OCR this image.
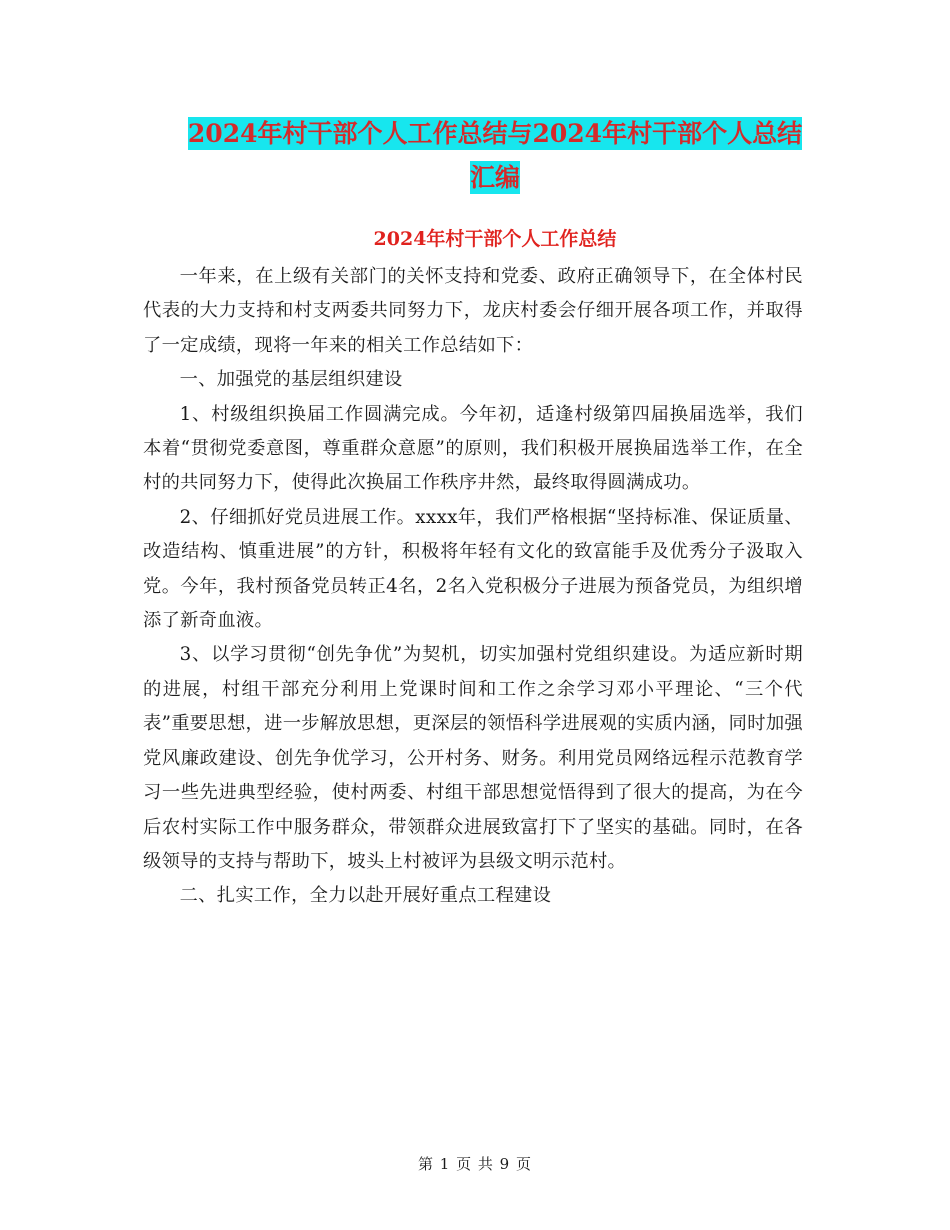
2024年村干部个人工作总结与2024年村干部个人总结
汇编
2024年村干部个人工作总结

一年来，在上级有关部门的关怀支持和党委、政府正确领导下，在全体村民代表的大力支持和村支两委共同努力下，龙庆村委会仔细开展各项工作，并取得了一定成绩，现将一年来的相关工作总结如下：

一、加强党的基层组织建设

1、村级组织换届工作圆满完成。今年初，适逢村级第四届换届选举，我们本着“贯彻党委意图，尊重群众意愿”的原则，我们积极开展换届选举工作，在全村的共同努力下，使得此次换届工作秩序井然，最终取得圆满成功。

2、仔细抓好党员进展工作。xxxx年，我们严格根据“坚持标准、保证质量、改造结构、慎重进展”的方针，积极将年轻有文化的致富能手及优秀分子汲取入党。今年，我村预备党员转正4名，2名入党积极分子进展为预备党员，为组织增添了新奇血液。

3、以学习贯彻“创先争优”为契机，切实加强村党组织建设。为适应新时期的进展，村组干部充分利用上党课时间和工作之余学习邓小平理论、“三个代表”重要思想，进一步解放思想，更深层的领悟科学进展观的实质内涵，同时加强党风廉政建设、创先争优学习，公开村务、财务。利用党员网络远程示范教育学习一些先进典型经验，使村两委、村组干部思想觉悟得到了很大的提高，为在今后农村实际工作中服务群众，带领群众进展致富打下了坚实的基础。同时，在各级领导的支持与帮助下，坡头上村被评为县级文明示范村。

二、扎实工作，全力以赴开展好重点工程建设

第 1 页 共 9 页
